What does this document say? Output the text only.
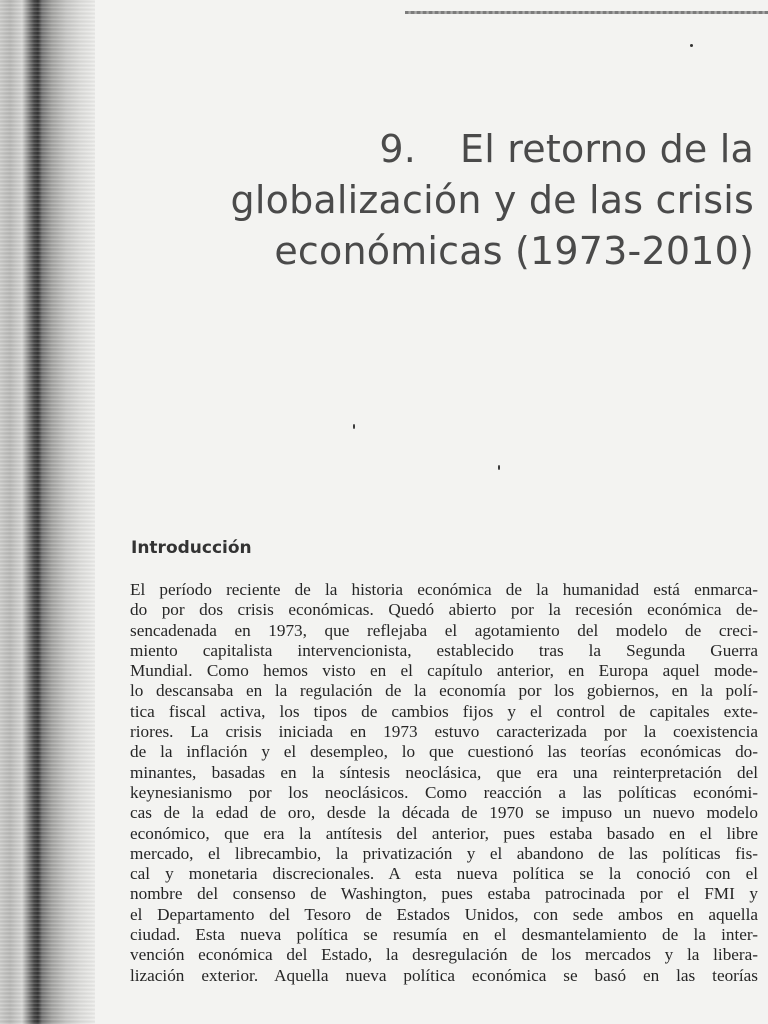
9. El retorno de la
globalización y de las crisis
económicas (1973-2010)
Introducción
El período reciente de la historia económica de la humanidad está enmarca-
do por dos crisis económicas. Quedó abierto por la recesión económica de-
sencadenada en 1973, que reflejaba el agotamiento del modelo de creci-
miento capitalista intervencionista, establecido tras la Segunda Guerra
Mundial. Como hemos visto en el capítulo anterior, en Europa aquel mode-
lo descansaba en la regulación de la economía por los gobiernos, en la polí-
tica fiscal activa, los tipos de cambios fijos y el control de capitales exte-
riores. La crisis iniciada en 1973 estuvo caracterizada por la coexistencia
de la inflación y el desempleo, lo que cuestionó las teorías económicas do-
minantes, basadas en la síntesis neoclásica, que era una reinterpretación del
keynesianismo por los neoclásicos. Como reacción a las políticas económi-
cas de la edad de oro, desde la década de 1970 se impuso un nuevo modelo
económico, que era la antítesis del anterior, pues estaba basado en el libre
mercado, el librecambio, la privatización y el abandono de las políticas fis-
cal y monetaria discrecionales. A esta nueva política se la conoció con el
nombre del consenso de Washington, pues estaba patrocinada por el FMI y
el Departamento del Tesoro de Estados Unidos, con sede ambos en aquella
ciudad. Esta nueva política se resumía en el desmantelamiento de la inter-
vención económica del Estado, la desregulación de los mercados y la libera-
lización exterior. Aquella nueva política económica se basó en las teorías
